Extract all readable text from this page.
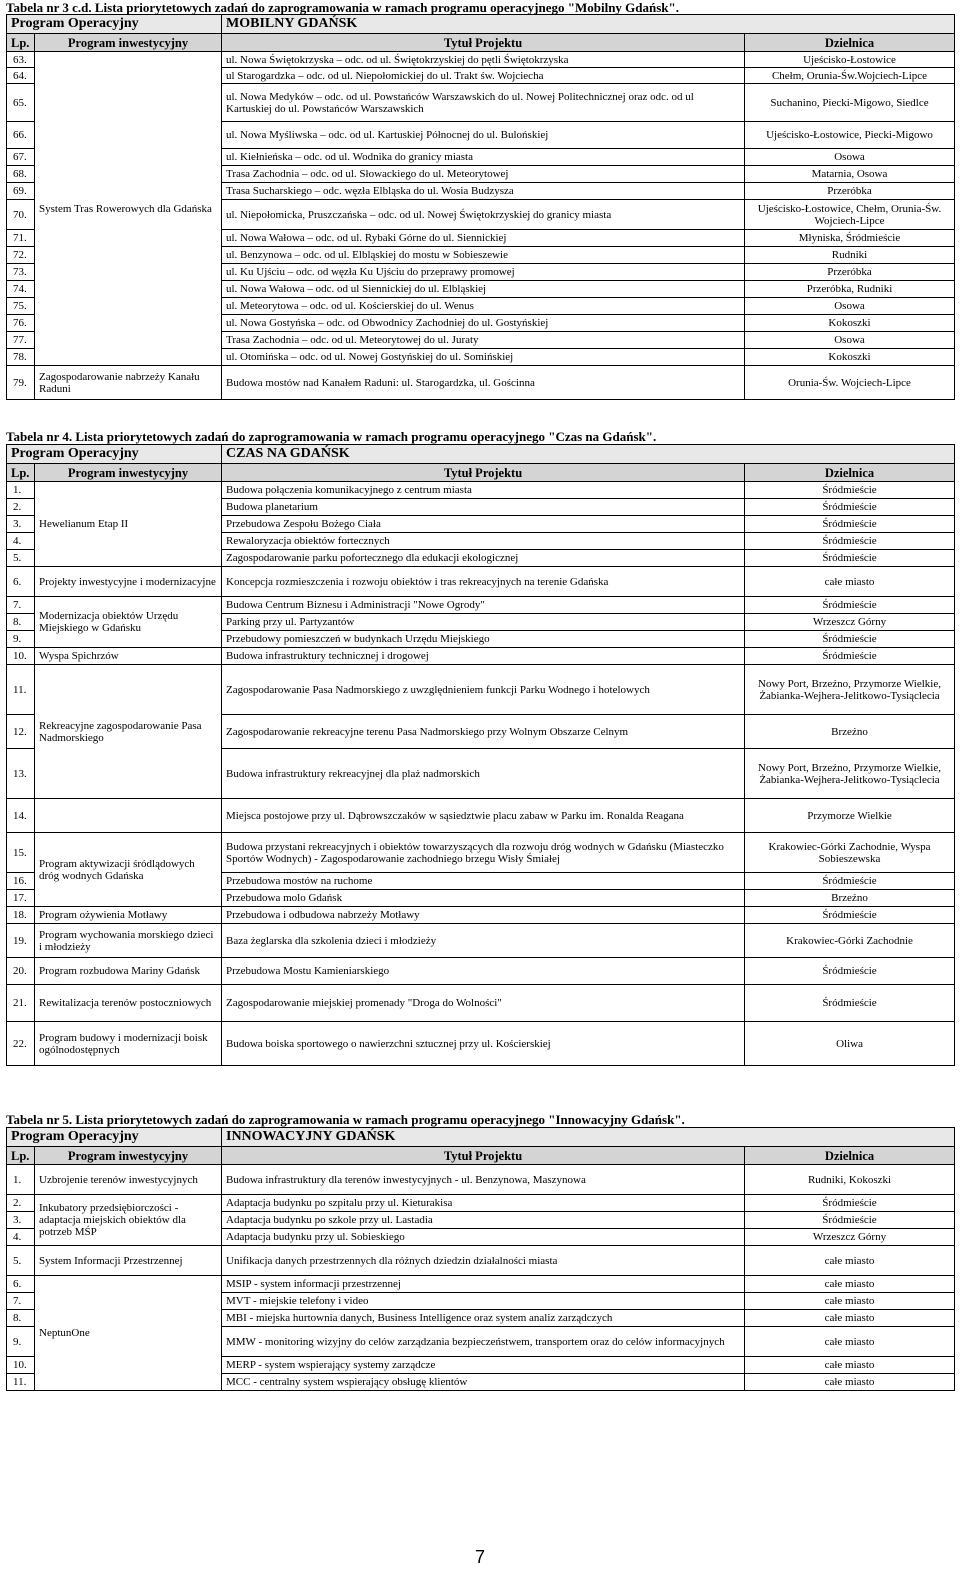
Tabela nr 3 c.d. Lista priorytetowych zadań do zaprogramowania w ramach programu operacyjnego "Mobilny Gdańsk".
Program Operacyjny		MOBILNY GDAŃSK	
Lp.	Program inwestycyjny	Tytuł Projektu	Dzielnica
63.	System Tras Rowerowych dla Gdańska	ul. Nowa Świętokrzyska – odc. od ul. Świętokrzyskiej do pętli Świętokrzyska	Ujeścisko-Łostowice
64.		ul Starogardzka – odc. od ul. Niepołomickiej do ul. Trakt św. Wojciecha	Chełm, Orunia-Św.Wojciech-Lipce
65.		ul. Nowa Medyków – odc. od ul. Powstańców Warszawskich do ul. Nowej Politechnicznej oraz odc. od ul Kartuskiej do ul. Powstańców Warszawskich	Suchanino, Piecki-Migowo, Siedlce
66.		ul. Nowa Myśliwska – odc. od ul. Kartuskiej Północnej do ul. Bulońskiej	Ujeścisko-Łostowice, Piecki-Migowo
67.		ul. Kiełnieńska – odc. od ul. Wodnika do granicy miasta	Osowa
68.		Trasa Zachodnia – odc. od ul. Słowackiego do ul. Meteorytowej	Matarnia, Osowa
69.		Trasa Sucharskiego – odc. węzła Elbląska do ul. Wosia Budzysza	Przeróbka
70.		ul. Niepołomicka, Pruszczańska – odc. od ul. Nowej Świętokrzyskiej do granicy miasta	Ujeścisko-Łostowice, Chełm, Orunia-Św. Wojciech-Lipce
71.		ul. Nowa Wałowa – odc. od ul. Rybaki Górne do ul. Siennickiej	Młyniska, Śródmieście
72.		ul. Benzynowa – odc. od ul. Elbląskiej do mostu w Sobieszewie	Rudniki
73.		ul. Ku Ujściu – odc. od węzła Ku Ujściu do przeprawy promowej	Przeróbka
74.		ul. Nowa Wałowa – odc. od ul Siennickiej do ul. Elbląskiej	Przeróbka, Rudniki
75.		ul. Meteorytowa – odc. od ul. Kościerskiej do ul. Wenus	Osowa
76.		ul. Nowa Gostyńska – odc. od Obwodnicy Zachodniej do ul. Gostyńskiej	Kokoszki
77.		Trasa Zachodnia – odc. od ul. Meteorytowej do ul. Juraty	Osowa
78.		ul. Otomińska – odc. od ul. Nowej Gostyńskiej do ul. Somińskiej	Kokoszki
79.	Zagospodarowanie nabrzeży Kanału Raduni	Budowa mostów nad Kanałem Raduni: ul. Starogardzka, ul. Gościnna	Orunia-Św. Wojciech-Lipce
Tabela nr 4. Lista priorytetowych zadań do zaprogramowania w ramach programu operacyjnego "Czas na Gdańsk".
Program Operacyjny		CZAS NA GDAŃSK	
Lp.	Program inwestycyjny	Tytuł Projektu	Dzielnica
1.	Hewelianum Etap II	Budowa połączenia komunikacyjnego z centrum miasta	Śródmieście
2.		Budowa planetarium	Śródmieście
3.		Przebudowa Zespołu Bożego Ciała	Śródmieście
4.		Rewaloryzacja obiektów fortecznych	Śródmieście
5.		Zagospodarowanie parku pofortecznego dla edukacji ekologicznej	Śródmieście
6.	Projekty inwestycyjne i modernizacyjne	Koncepcja rozmieszczenia i rozwoju obiektów i tras rekreacyjnych na terenie Gdańska	całe miasto
7.	Modernizacja obiektów Urzędu Miejskiego w Gdańsku	Budowa Centrum Biznesu i Administracji "Nowe Ogrody"	Śródmieście
8.		Parking przy ul. Partyzantów	Wrzeszcz Górny
9.		Przebudowy pomieszczeń w budynkach Urzędu Miejskiego	Śródmieście
10.	Wyspa Spichrzów	Budowa infrastruktury technicznej i drogowej	Śródmieście
11.	Rekreacyjne zagospodarowanie Pasa Nadmorskiego	Zagospodarowanie Pasa Nadmorskiego z uwzględnieniem funkcji Parku Wodnego i hotelowych	Nowy Port, Brzeźno, Przymorze Wielkie, Żabianka-Wejhera-Jelitkowo-Tysiąclecia
12.		Zagospodarowanie rekreacyjne terenu Pasa Nadmorskiego przy Wolnym Obszarze Celnym	Brzeźno
13.		Budowa infrastruktury rekreacyjnej dla plaż nadmorskich	Nowy Port, Brzeźno, Przymorze Wielkie, Żabianka-Wejhera-Jelitkowo-Tysiąclecia
14.		Miejsca postojowe przy ul. Dąbrowszczaków w sąsiedztwie placu zabaw w Parku im. Ronalda Reagana	Przymorze Wielkie
15.	Program aktywizacji śródlądowych dróg wodnych Gdańska	Budowa przystani rekreacyjnych i obiektów towarzyszących dla rozwoju dróg wodnych w Gdańsku (Miasteczko Sportów Wodnych) - Zagospodarowanie zachodniego brzegu Wisły Śmiałej	Krakowiec-Górki Zachodnie, Wyspa Sobieszewska
16.		Przebudowa mostów na ruchome	Śródmieście
17.		Przebudowa molo Gdańsk	Brzeźno
18.	Program ożywienia Motławy	Przebudowa i odbudowa nabrzeży Motławy	Śródmieście
19.	Program wychowania morskiego dzieci i młodzieży	Baza żeglarska dla szkolenia dzieci i młodzieży	Krakowiec-Górki Zachodnie
20.	Program rozbudowa Mariny Gdańsk	Przebudowa Mostu Kamieniarskiego	Śródmieście
21.	Rewitalizacja terenów postoczniowych	Zagospodarowanie miejskiej promenady "Droga do Wolności"	Śródmieście
22.	Program budowy i modernizacji boisk ogólnodostępnych	Budowa boiska sportowego o nawierzchni sztucznej przy ul. Kościerskiej	Oliwa
Tabela nr 5. Lista priorytetowych zadań do zaprogramowania w ramach programu operacyjnego "Innowacyjny Gdańsk".
Program Operacyjny		INNOWACYJNY GDAŃSK	
Lp.	Program inwestycyjny	Tytuł Projektu	Dzielnica
1.	Uzbrojenie terenów inwestycyjnych	Budowa infrastruktury dla terenów inwestycyjnych - ul. Benzynowa, Maszynowa	Rudniki, Kokoszki
2.	Inkubatory przedsiębiorczości - adaptacja miejskich obiektów dla potrzeb MŚP	Adaptacja budynku po szpitalu przy ul. Kieturakisa	Śródmieście
3.		Adaptacja budynku po szkole przy ul. Lastadia	Śródmieście
4.		Adaptacja budynku przy ul. Sobieskiego	Wrzeszcz Górny
5.	System Informacji Przestrzennej	Unifikacja danych przestrzennych dla różnych dziedzin działalności miasta	całe miasto
6.	NeptunOne	MSIP - system informacji przestrzennej	całe miasto
7.		MVT - miejskie telefony i video	całe miasto
8.		MBI - miejska hurtownia danych, Business Intelligence oraz system analiz zarządczych	całe miasto
9.		MMW - monitoring wizyjny do celów zarządzania bezpieczeństwem, transportem oraz do celów informacyjnych	całe miasto
10.		MERP - system wspierający systemy zarządcze	całe miasto
11.		MCC - centralny system wspierający obsługę klientów	całe miasto
7
